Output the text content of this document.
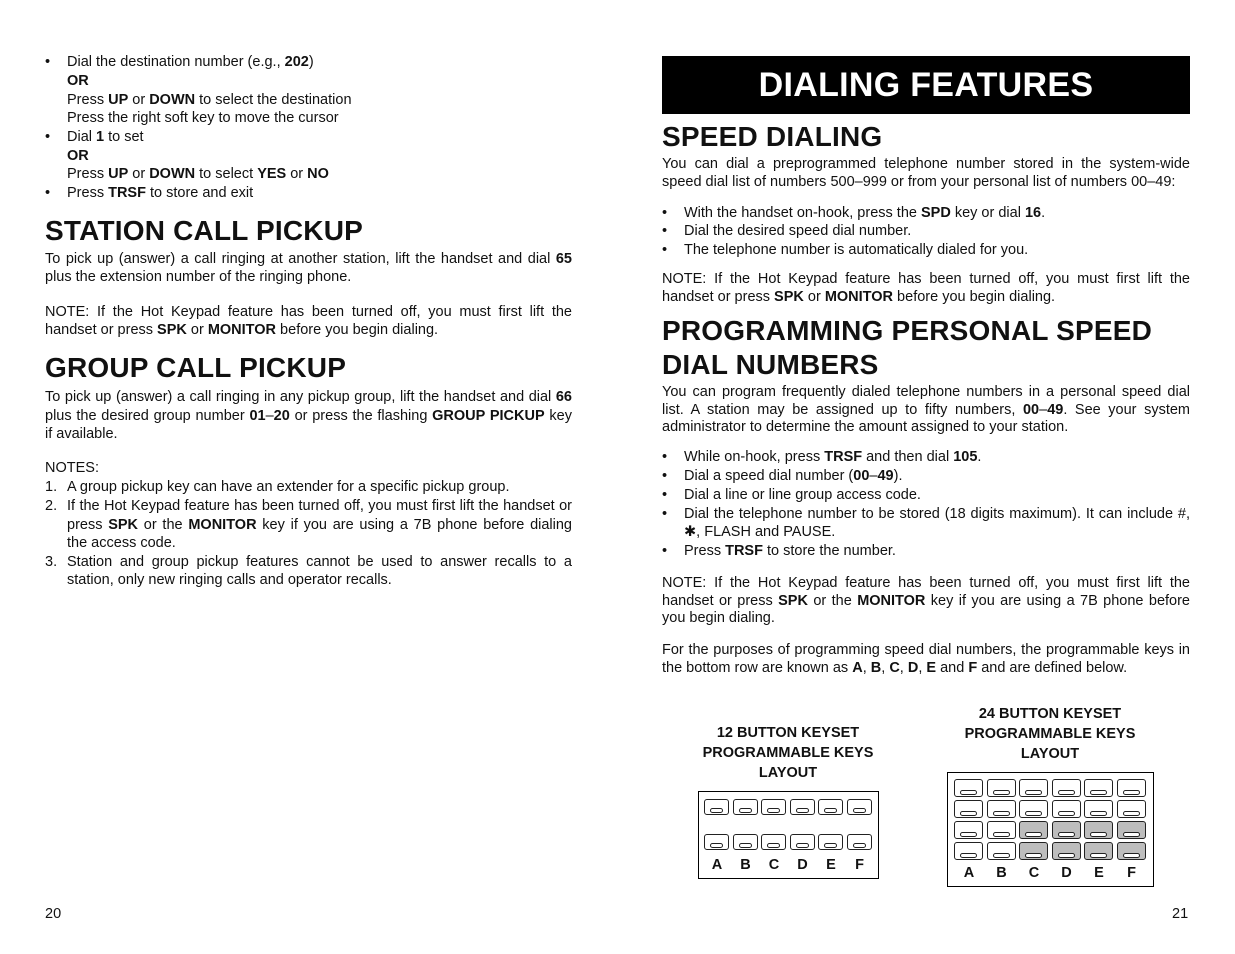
• Dial the destination number (e.g., 202)
OR
Press UP or DOWN to select the destination
Press the right soft key to move the cursor
• Dial 1 to set
OR
Press UP or DOWN to select YES or NO
• Press TRSF to store and exit
STATION CALL PICKUP
To pick up (answer) a call ringing at another station, lift the handset and dial 65 plus the extension number of the ringing phone.
NOTE: If the Hot Keypad feature has been turned off, you must first lift the handset or press SPK or MONITOR before you begin dialing.
GROUP CALL PICKUP
To pick up (answer) a call ringing in any pickup group, lift the handset and dial 66 plus the desired group number 01–20 or press the flashing GROUP PICKUP key if available.
NOTES:
1. A group pickup key can have an extender for a specific pickup group.
2. If the Hot Keypad feature has been turned off, you must first lift the handset or press SPK or the MONITOR key if you are using a 7B phone before dialing the access code.
3. Station and group pickup features cannot be used to answer recalls to a station, only new ringing calls and operator recalls.
20
DIALING FEATURES
SPEED DIALING
You can dial a preprogrammed telephone number stored in the system-wide speed dial list of numbers 500–999 or from your personal list of numbers 00–49:
• With the handset on-hook, press the SPD key or dial 16.
• Dial the desired speed dial number.
• The telephone number is automatically dialed for you.
NOTE: If the Hot Keypad feature has been turned off, you must first lift the handset or press SPK or MONITOR before you begin dialing.
PROGRAMMING PERSONAL SPEED
DIAL NUMBERS
You can program frequently dialed telephone numbers in a personal speed dial list. A station may be assigned up to fifty numbers, 00–49. See your system administrator to determine the amount assigned to your station.
• While on-hook, press TRSF and then dial 105.
• Dial a speed dial number (00–49).
• Dial a line or line group access code.
• Dial the telephone number to be stored (18 digits maximum). It can include #, ✱, FLASH and PAUSE.
• Press TRSF to store the number.
NOTE: If the Hot Keypad feature has been turned off, you must first lift the handset or press SPK or the MONITOR key if you are using a 7B phone before you begin dialing.
For the purposes of programming speed dial numbers, the programmable keys in the bottom row are known as A, B, C, D, E and F and are defined below.
12 BUTTON KEYSET
PROGRAMMABLE KEYS
LAYOUT
A	B	C	D	E	F
24 BUTTON KEYSET
PROGRAMMABLE KEYS
LAYOUT
A	B	C	D	E	F
21
